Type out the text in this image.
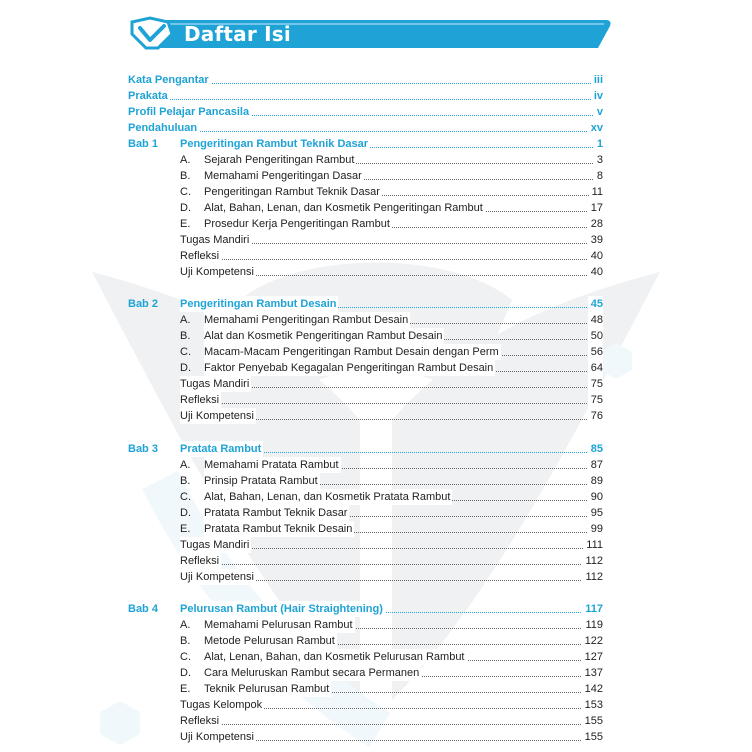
Daftar Isi
Kata Pengantar	iii
Prakata	iv
Profil Pelajar Pancasila	v
Pendahuluan	xv
Bab 1 Pengeritingan Rambut Teknik Dasar	1
A. Sejarah Pengeritingan Rambut	3
B. Memahami Pengeritingan Dasar	8
C. Pengeritingan Rambut Teknik Dasar	11
D. Alat, Bahan, Lenan, dan Kosmetik Pengeritingan Rambut	17
E. Prosedur Kerja Pengeritingan Rambut	28
Tugas Mandiri	39
Refleksi	40
Uji Kompetensi	40
Bab 2 Pengeritingan Rambut Desain	45
A. Memahami Pengeritingan Rambut Desain	48
B. Alat dan Kosmetik Pengeritingan Rambut Desain	50
C. Macam-Macam Pengeritingan Rambut Desain dengan Perm	56
D. Faktor Penyebab Kegagalan Pengeritingan Rambut Desain	64
Tugas Mandiri	75
Refleksi	75
Uji Kompetensi	76
Bab 3 Pratata Rambut	85
A. Memahami Pratata Rambut	87
B. Prinsip Pratata Rambut	89
C. Alat, Bahan, Lenan, dan Kosmetik Pratata Rambut	90
D. Pratata Rambut Teknik Dasar	95
E. Pratata Rambut Teknik Desain	99
Tugas Mandiri	111
Refleksi	112
Uji Kompetensi	112
Bab 4 Pelurusan Rambut (Hair Straightening)	117
A. Memahami Pelurusan Rambut	119
B. Metode Pelurusan Rambut	122
C. Alat, Lenan, Bahan, dan Kosmetik Pelurusan Rambut	127
D. Cara Meluruskan Rambut secara Permanen	137
E. Teknik Pelurusan Rambut	142
Tugas Kelompok	153
Refleksi	155
Uji Kompetensi	155
